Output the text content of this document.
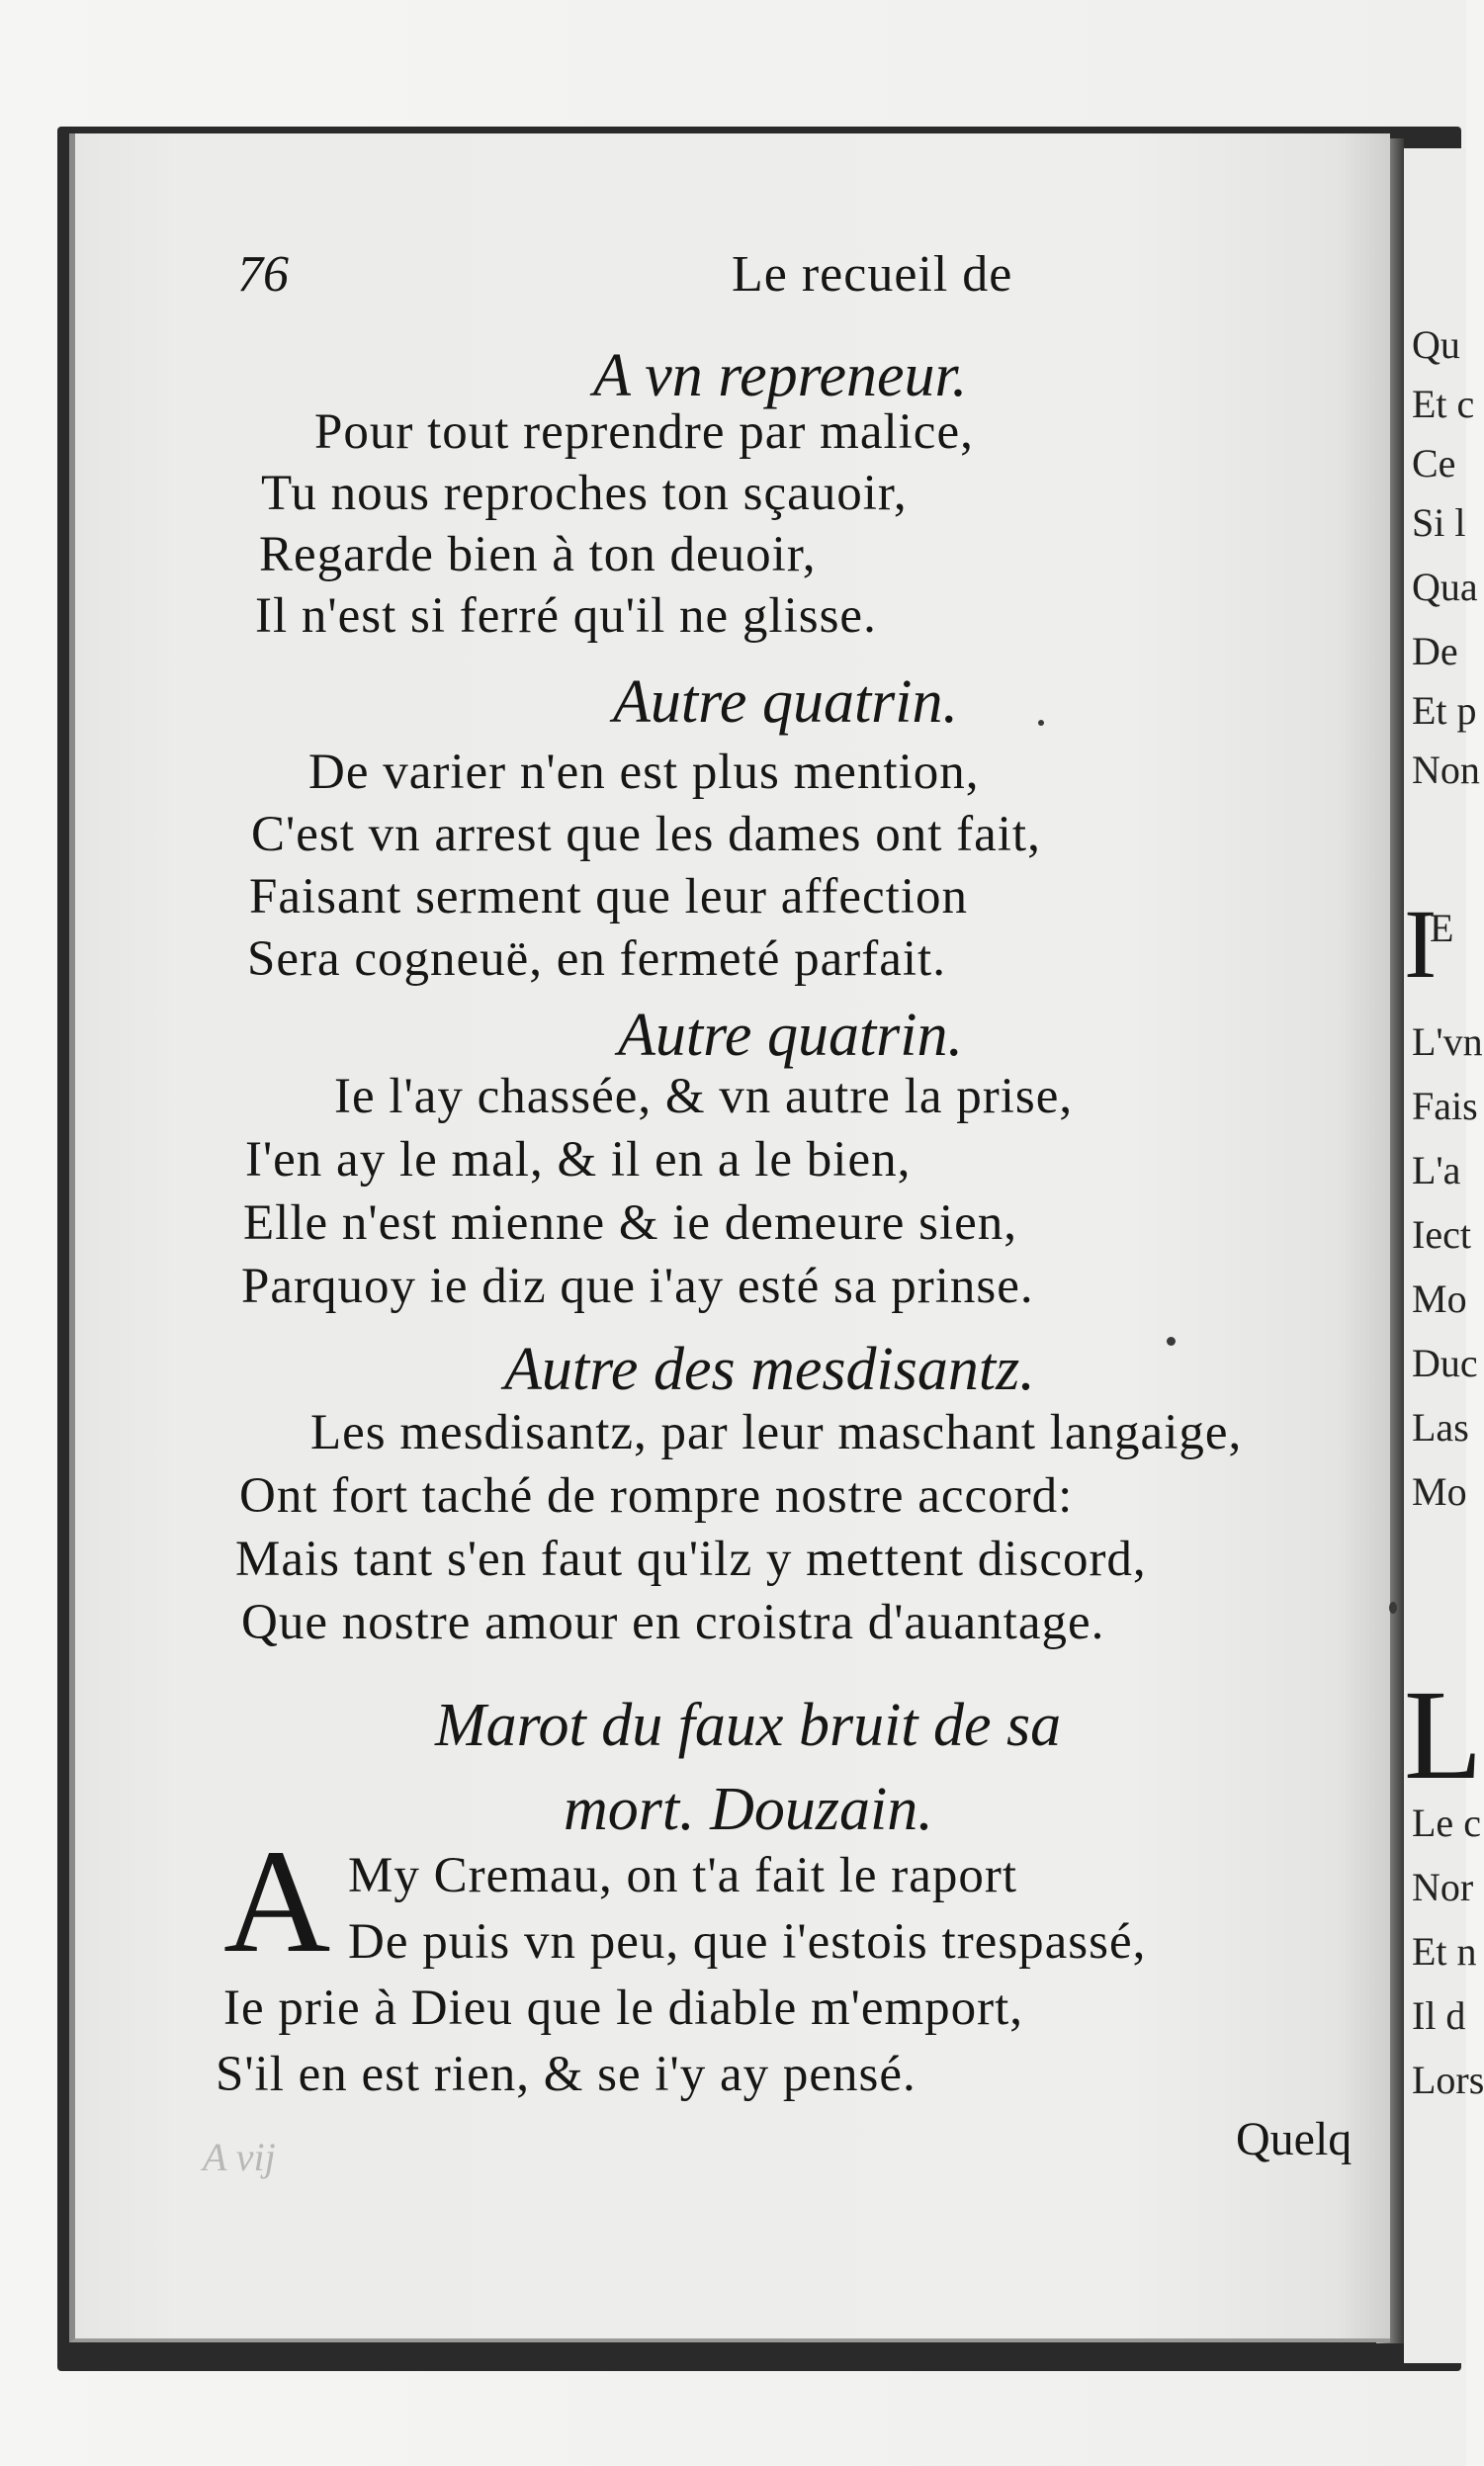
Qu
Et c
Ce
Si l
Qua
De
Et p
Non
I
E
L'vn
Fais
L'a
Iect
Mo
Duc
Las
Mo
L
Le c
Nor
Et n
Il d
Lors
76	Le recueil de
A vn repreneur.
Pour tout reprendre par malice,
Tu nous reproches ton sçauoir,
Regarde bien à ton deuoir,
Il n'est si ferré qu'il ne glisse.
Autre quatrin.
De varier n'en est plus mention,
C'est vn arrest que les dames ont fait,
Faisant serment que leur affection
Sera cogneuë, en fermeté parfait.
Autre quatrin.
Ie l'ay chassée, & vn autre la prise,
I'en ay le mal, & il en a le bien,
Elle n'est mienne & ie demeure sien,
Parquoy ie diz que i'ay esté sa prinse.
Autre des mesdisantz.
Les mesdisantz, par leur maschant langaige,
Ont fort taché de rompre nostre accord:
Mais tant s'en faut qu'ilz y mettent discord,
Que nostre amour en croistra d'auantage.
Marot du faux bruit de sa
mort. Douzain.
A My Cremau, on t'a fait le raport
De puis vn peu, que i'estois trespassé,
Ie prie à Dieu que le diable m'emport,
S'il en est rien, & se i'y ay pensé.
A vij	Quelq
